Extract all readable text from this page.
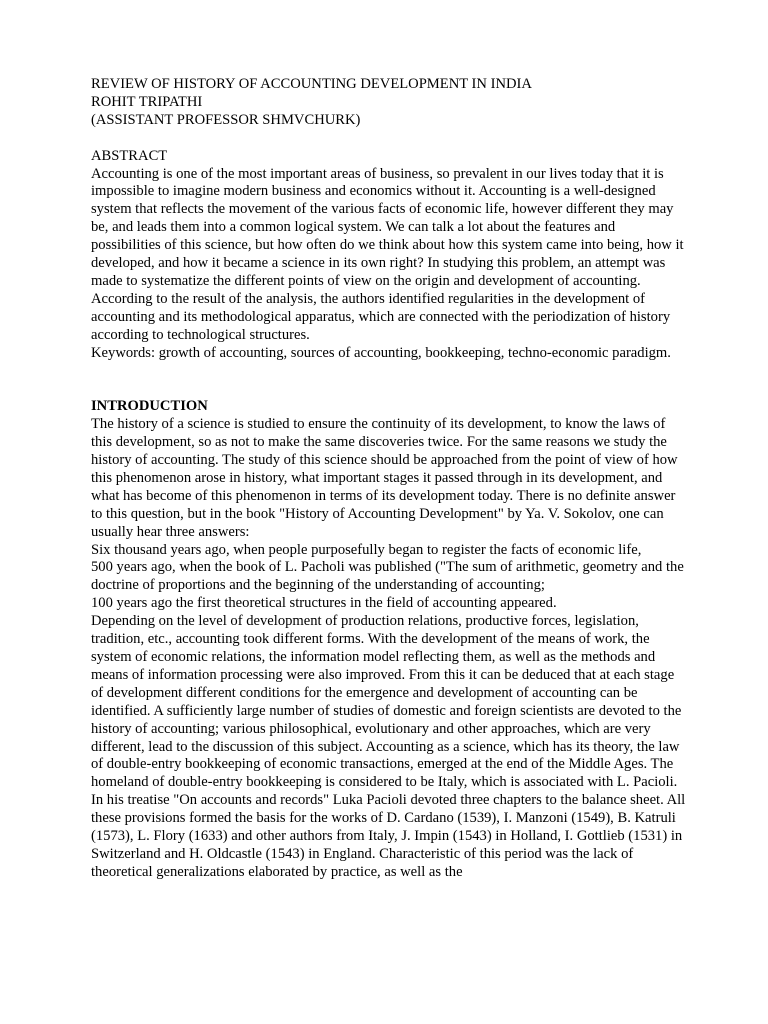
REVIEW OF HISTORY OF ACCOUNTING DEVELOPMENT IN INDIA
ROHIT TRIPATHI
(ASSISTANT PROFESSOR SHMVCHURK)
ABSTRACT

Accounting is one of the most important areas of business, so prevalent in our lives today that it is impossible to imagine modern business and economics without it. Accounting is a well-designed system that reflects the movement of the various facts of economic life, however different they may be, and leads them into a common logical system. We can talk a lot about the features and possibilities of this science, but how often do we think about how this system came into being, how it developed, and how it became a science in its own right? In studying this problem, an attempt was made to systematize the different points of view on the origin and development of accounting. According to the result of the analysis, the authors identified regularities in the development of accounting and its methodological apparatus, which are connected with the periodization of history according to technological structures.

Keywords: growth of accounting, sources of accounting, bookkeeping, techno-economic paradigm.

INTRODUCTION

The history of a science is studied to ensure the continuity of its development, to know the laws of this development, so as not to make the same discoveries twice. For the same reasons we study the history of accounting. The study of this science should be approached from the point of view of how this phenomenon arose in history, what important stages it passed through in its development, and what has become of this phenomenon in terms of its development today. There is no definite answer to this question, but in the book "History of Accounting Development" by Ya. V. Sokolov, one can usually hear three answers:

Six thousand years ago, when people purposefully began to register the facts of economic life,

500 years ago, when the book of L. Pacholi was published ("The sum of arithmetic, geometry and the doctrine of proportions and the beginning of the understanding of accounting;

100 years ago the first theoretical structures in the field of accounting appeared.

Depending on the level of development of production relations, productive forces, legislation, tradition, etc., accounting took different forms. With the development of the means of work, the system of economic relations, the information model reflecting them, as well as the methods and means of information processing were also improved. From this it can be deduced that at each stage of development different conditions for the emergence and development of accounting can be identified. A sufficiently large number of studies of domestic and foreign scientists are devoted to the history of accounting; various philosophical, evolutionary and other approaches, which are very different, lead to the discussion of this subject. Accounting as a science, which has its theory, the law of double-entry bookkeeping of economic transactions, emerged at the end of the Middle Ages. The homeland of double-entry bookkeeping is considered to be Italy, which is associated with L. Pacioli.

In his treatise "On accounts and records" Luka Pacioli devoted three chapters to the balance sheet. All these provisions formed the basis for the works of D. Cardano (1539), I. Manzoni (1549), B. Katruli (1573), L. Flory (1633) and other authors from Italy, J. Impin (1543) in Holland, I. Gottlieb (1531) in Switzerland and H. Oldcastle (1543) in England. Characteristic of this period was the lack of theoretical generalizations elaborated by practice, as well as the
